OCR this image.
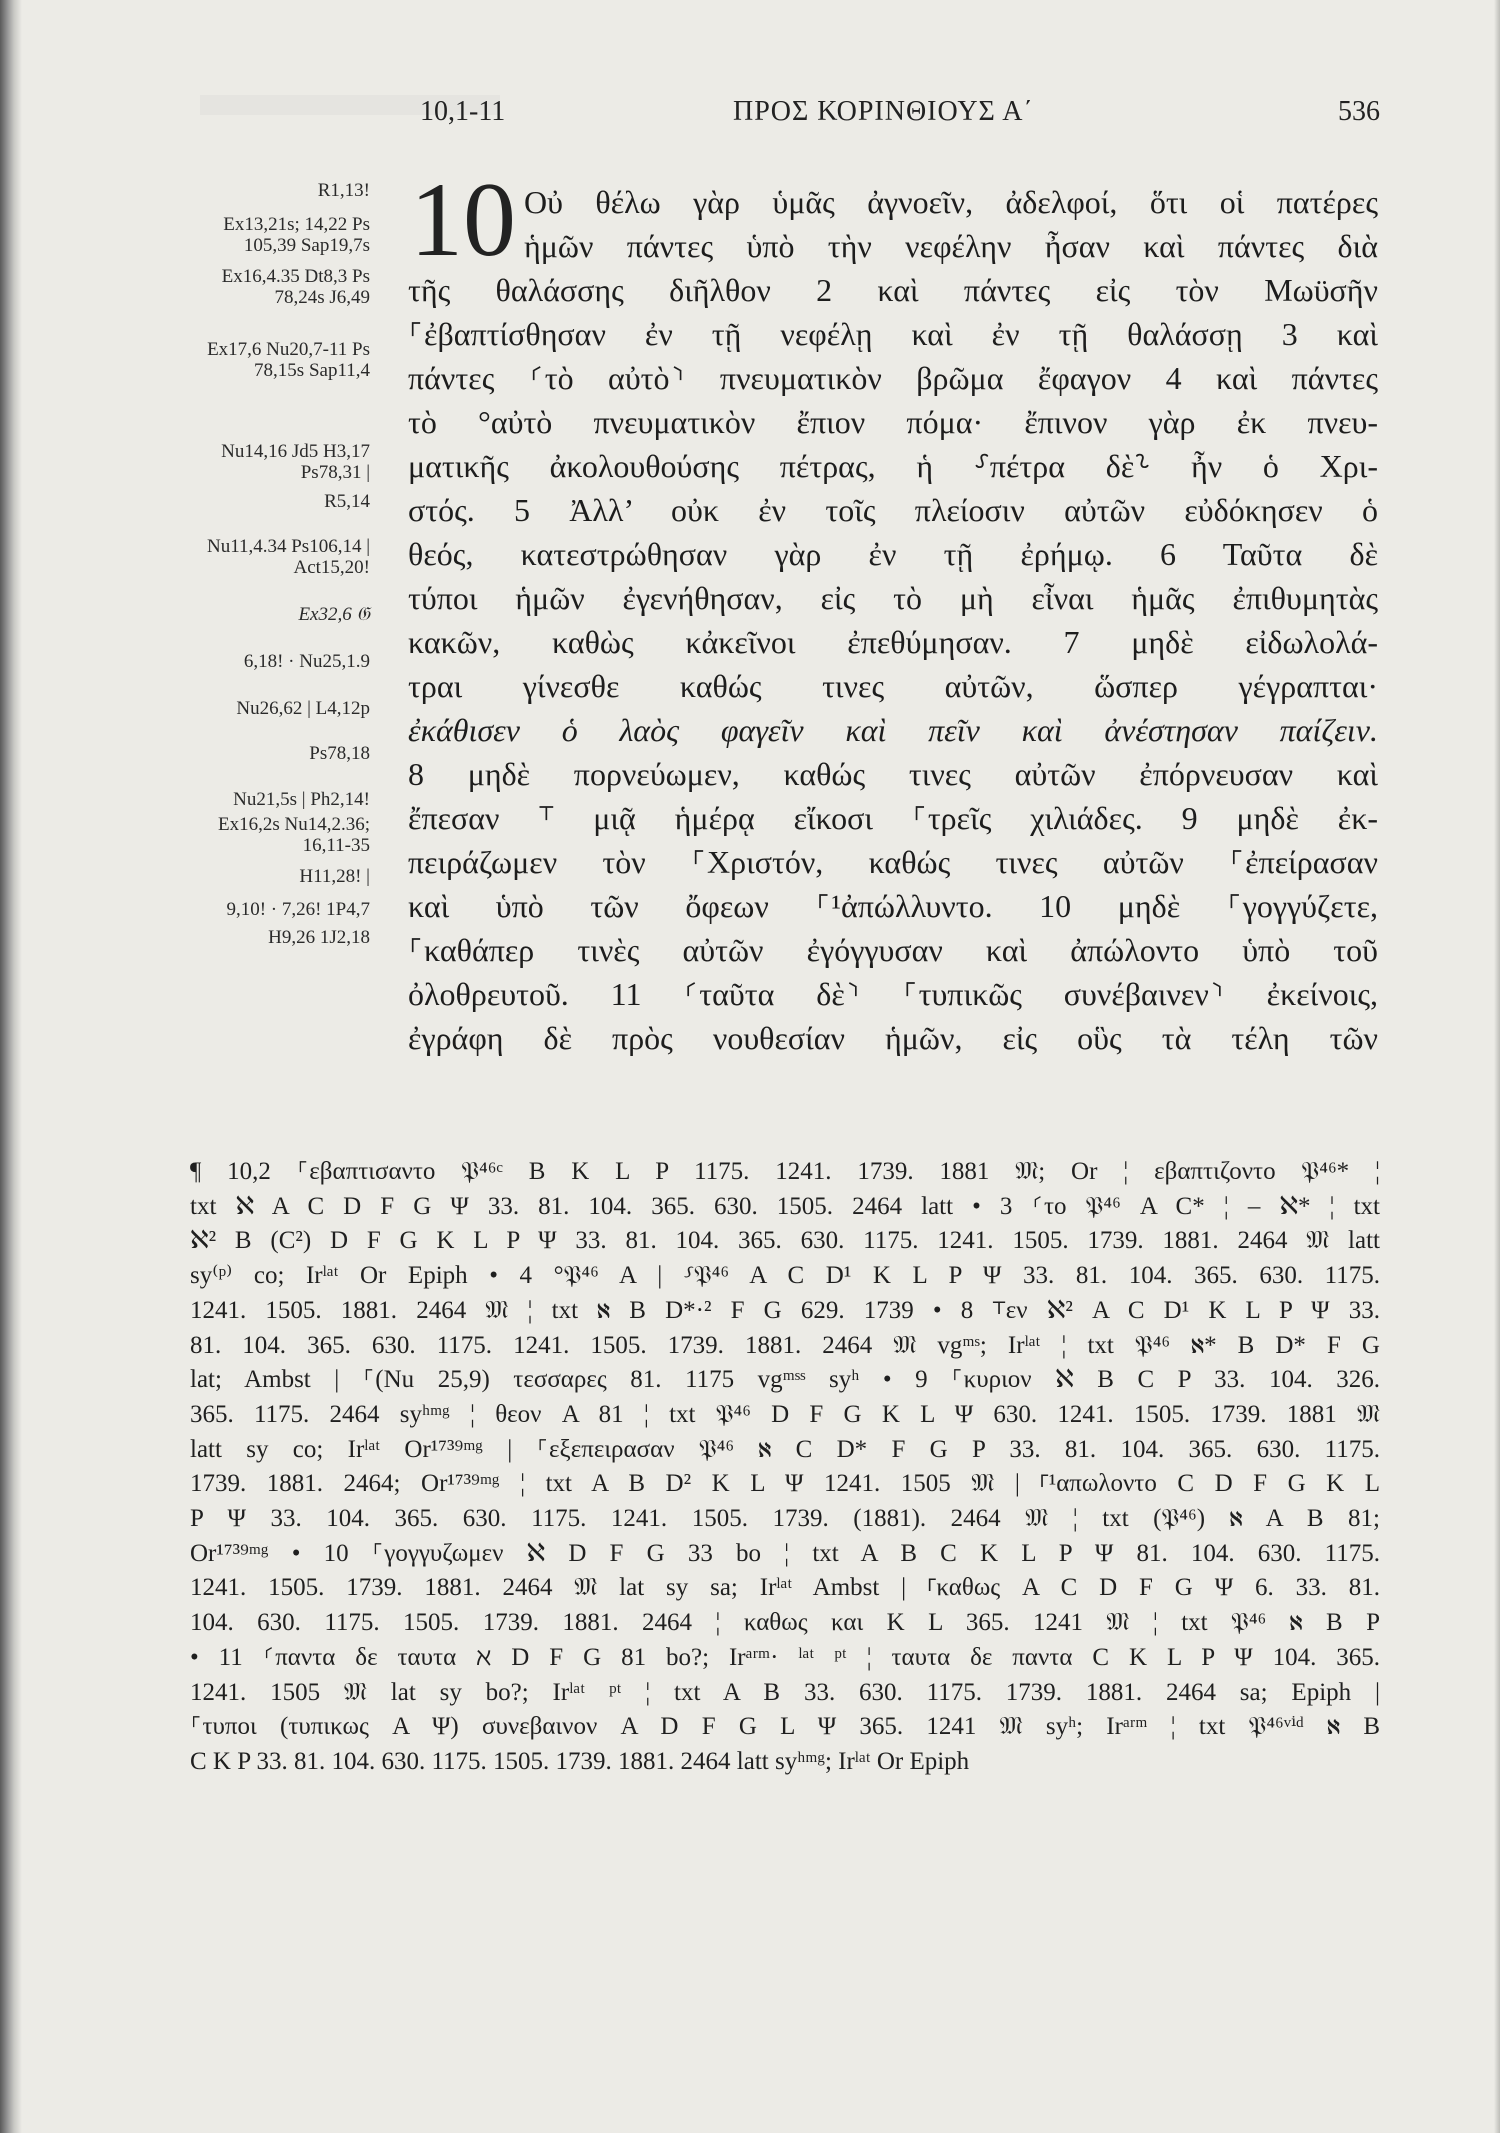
10,1-11	ΠΡΟΣ ΚΟΡΙΝΘΙΟΥΣ Α΄	536
R1,13!
Ex13,21s; 14,22 Ps
105,39 Sap19,7s
Ex16,4.35 Dt8,3 Ps
78,24s J6,49
Ex17,6 Nu20,7-11 Ps
78,15s Sap11,4
Nu14,16 Jd5 H3,17
Ps78,31 |
R5,14
Nu11,4.34 Ps106,14 |
Act15,20!
Ex32,6 𝔊
6,18! · Nu25,1.9
Nu26,62 | L4,12p
Ps78,18
Nu21,5s | Ph2,14!
Ex16,2s Nu14,2.36;
16,11-35
H11,28! |
9,10! · 7,26! 1P4,7
H9,26 1J2,18
10 Οὐ θέλω γὰρ ὑμᾶς ἀγνοεῖν, ἀδελφοί, ὅτι οἱ πατέρες
ἡμῶν πάντες ὑπὸ τὴν νεφέλην ἦσαν καὶ πάντες διὰ
τῆς θαλάσσης διῆλθον 2 καὶ πάντες εἰς τὸν Μωϋσῆν
⸀ἐβαπτίσθησαν ἐν τῇ νεφέλῃ καὶ ἐν τῇ θαλάσσῃ 3 καὶ
πάντες ⸂τὸ αὐτὸ⸃ πνευματικὸν βρῶμα ἔφαγον 4 καὶ πάντες
τὸ °αὐτὸ πνευματικὸν ἔπιον πόμα· ἔπινον γὰρ ἐκ πνευ-
ματικῆς ἀκολουθούσης πέτρας, ἡ ⸉πέτρα δὲ⸊ ἦν ὁ Χρι-
στός. 5 Ἀλλ’ οὐκ ἐν τοῖς πλείοσιν αὐτῶν εὐδόκησεν ὁ
θεός, κατεστρώθησαν γὰρ ἐν τῇ ἐρήμῳ. 6 Ταῦτα δὲ
τύποι ἡμῶν ἐγενήθησαν, εἰς τὸ μὴ εἶναι ἡμᾶς ἐπιθυμητὰς
κακῶν, καθὼς κἀκεῖνοι ἐπεθύμησαν. 7 μηδὲ εἰδωλολά-
τραι γίνεσθε καθώς τινες αὐτῶν, ὥσπερ γέγραπται·
ἐκάθισεν ὁ λαὸς φαγεῖν καὶ πεῖν καὶ ἀνέστησαν παίζειν.
8 μηδὲ πορνεύωμεν, καθώς τινες αὐτῶν ἐπόρνευσαν καὶ
ἔπεσαν ⸆ μιᾷ ἡμέρᾳ εἴκοσι ⸀τρεῖς χιλιάδες. 9 μηδὲ ἐκ-
πειράζωμεν τὸν ⸀Χριστόν, καθώς τινες αὐτῶν ⸀ἐπείρασαν
καὶ ὑπὸ τῶν ὄφεων ⸀¹ἀπώλλυντο. 10 μηδὲ ⸀γογγύζετε,
⸀καθάπερ τινὲς αὐτῶν ἐγόγγυσαν καὶ ἀπώλοντο ὑπὸ τοῦ
ὀλοθρευτοῦ. 11 ⸂ταῦτα δὲ⸃ ⸀τυπικῶς συνέβαινεν⸃ ἐκείνοις,
ἐγράφη δὲ πρὸς νουθεσίαν ἡμῶν, εἰς οὓς τὰ τέλη τῶν
¶ 10,2 ⸀εβαπτισαντο 𝔓⁴⁶ᶜ B K L P 1175. 1241. 1739. 1881 𝔐; Or ¦ εβαπτιζοντο 𝔓⁴⁶* ¦
txt ℵ A C D F G Ψ 33. 81. 104. 365. 630. 1505. 2464 latt • 3 ⸂το 𝔓⁴⁶ A C* ¦ – ℵ* ¦ txt
ℵ² B (C²) D F G K L P Ψ 33. 81. 104. 365. 630. 1175. 1241. 1505. 1739. 1881. 2464 𝔐 latt
sy⁽ᵖ⁾ co; Irˡᵃᵗ Or Epiph • 4 °𝔓⁴⁶ A | ⸉𝔓⁴⁶ A C D¹ K L P Ψ 33. 81. 104. 365. 630. 1175.
1241. 1505. 1881. 2464 𝔐 ¦ txt ℵ B D*·² F G 629. 1739 • 8 ⸆εν ℵ² A C D¹ K L P Ψ 33.
81. 104. 365. 630. 1175. 1241. 1505. 1739. 1881. 2464 𝔐 vgᵐˢ; Irˡᵃᵗ ¦ txt 𝔓⁴⁶ ℵ* B D* F G
lat; Ambst | ⸀(Nu 25,9) τεσσαρες 81. 1175 vgᵐˢˢ syʰ • 9 ⸀κυριον ℵ B C P 33. 104. 326.
365. 1175. 2464 syʰᵐᵍ ¦ θεον A 81 ¦ txt 𝔓⁴⁶ D F G K L Ψ 630. 1241. 1505. 1739. 1881 𝔐
latt sy co; Irˡᵃᵗ Or¹⁷³⁹ᵐᵍ | ⸀εξεπειρασαν 𝔓⁴⁶ ℵ C D* F G P 33. 81. 104. 365. 630. 1175.
1739. 1881. 2464; Or¹⁷³⁹ᵐᵍ ¦ txt A B D² K L Ψ 1241. 1505 𝔐 | ⸀¹απωλοντο C D F G K L
P Ψ 33. 104. 365. 630. 1175. 1241. 1505. 1739. (1881). 2464 𝔐 ¦ txt (𝔓⁴⁶) ℵ A B 81;
Or¹⁷³⁹ᵐᵍ • 10 ⸀γογγυζωμεν ℵ D F G 33 bo ¦ txt A B C K L P Ψ 81. 104. 630. 1175.
1241. 1505. 1739. 1881. 2464 𝔐 lat sy sa; Irˡᵃᵗ Ambst | ⸀καθως A C D F G Ψ 6. 33. 81.
104. 630. 1175. 1505. 1739. 1881. 2464 ¦ καθως και K L 365. 1241 𝔐 ¦ txt 𝔓⁴⁶ ℵ B P
• 11 ⸂παντα δε ταυτα ℵ D F G 81 bo?; Irᵃʳᵐ· ˡᵃᵗ ᵖᵗ ¦ ταυτα δε παντα C K L P Ψ 104. 365.
1241. 1505 𝔐 lat sy bo?; Irˡᵃᵗ ᵖᵗ ¦ txt A B 33. 630. 1175. 1739. 1881. 2464 sa; Epiph |
⸀τυποι (τυπικως A Ψ) συνεβαινον A D F G L Ψ 365. 1241 𝔐 syʰ; Irᵃʳᵐ ¦ txt 𝔓⁴⁶ᵛⁱᵈ ℵ B
C K P 33. 81. 104. 630. 1175. 1505. 1739. 1881. 2464 latt syʰᵐᵍ; Irˡᵃᵗ Or Epiph
